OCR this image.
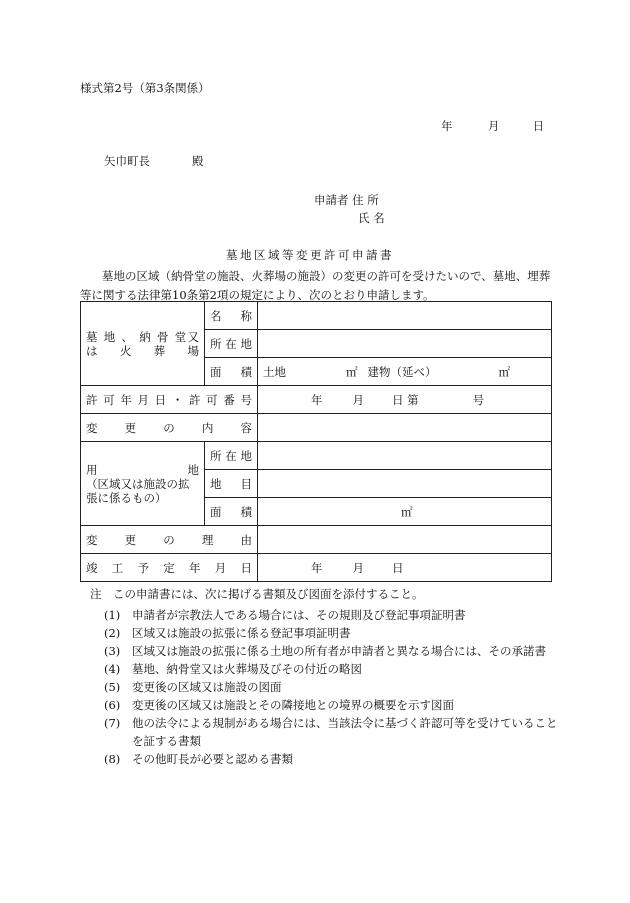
様式第2号（第3条関係）
年	月	日
矢巾町長	殿
申請者 住 所
氏 名
墓地区域等変更許可申請書
墓地の区域（納骨堂の施設、火葬場の施設）の変更の許可を受けたいので、墓地、埋葬等に関する法律第10条第2項の規定により、次のとおり申請します。
墓 地 、 納 骨 堂又
は　火　葬　場	名　称	
	所 在 地	
	面　積	土地 ㎡ 建物（延べ） ㎡
許可年月日・許可番号		年 月 日 第 号
変更の内容		

用　　　　　　　地
（区域又は施設の拡張に係るもの）	所 在 地	
	地　目	
	面　積	㎡
変更の理由		
竣工予定年月日		年 月 日
注　この申請書には、次に掲げる書類及び図面を添付すること。
(1) 申請者が宗教法人である場合には、その規則及び登記事項証明書
(2) 区域又は施設の拡張に係る登記事項証明書
(3) 区域又は施設の拡張に係る土地の所有者が申請者と異なる場合には、その承諾書
(4) 墓地、納骨堂又は火葬場及びその付近の略図
(5) 変更後の区域又は施設の図面
(6) 変更後の区域又は施設とその隣接地との境界の概要を示す図面
(7) 他の法令による規制がある場合には、当該法令に基づく許認可等を受けていることを証する書類
(8) その他町長が必要と認める書類
